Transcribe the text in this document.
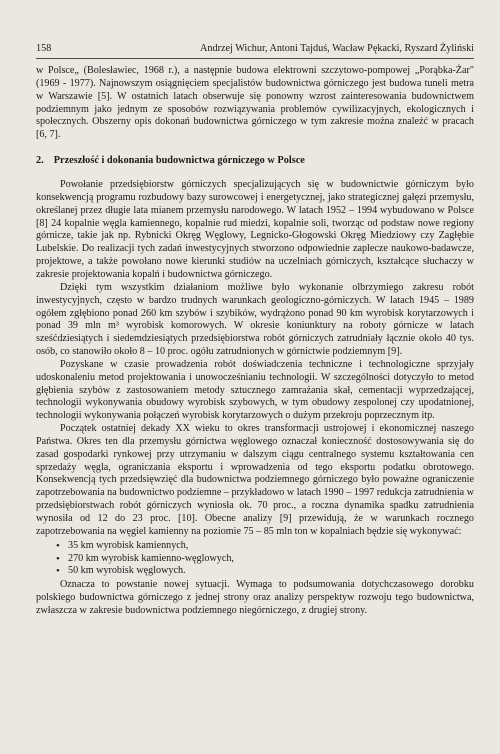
158	Andrzej Wichur, Antoni Tajduś, Wacław Pękacki, Ryszard Żyliński

w Polsce„ (Bolesławiec, 1968 r.), a następnie budowa elektrowni szczytowo-pompowej „Porąbka-Żar" (1969 - 1977). Najnowszym osiągnięciem specjalistów budownictwa górniczego jest budowa tuneli metra w Warszawie [5]. W ostatnich latach obserwuje się ponowny wzrost zainteresowania budownictwem podziemnym jako jednym ze sposobów rozwiązywania problemów cywilizacyjnych, ekologicznych i społecznych. Obszerny opis dokonań budownictwa górniczego w tym zakresie można znaleźć w pracach [6, 7].

2. Przeszłość i dokonania budownictwa górniczego w Polsce

Powołanie przedsiębiorstw górniczych specjalizujących się w budownictwie górniczym było konsekwencją programu rozbudowy bazy surowcowej i energetycznej, jako strategicznej gałęzi przemysłu, określanej przez długie lata mianem przemysłu narodowego. W latach 1952 – 1994 wybudowano w Polsce [8] 24 kopalnie węgla kamiennego, kopalnie rud miedzi, kopalnie soli, tworząc od podstaw nowe regiony górnicze, takie jak np. Rybnicki Okręg Węglowy, Legnicko-Głogowski Okręg Miedziowy czy Zagłębie Lubelskie. Do realizacji tych zadań inwestycyjnych stworzono odpowiednie zaplecze naukowo-badawcze, projektowe, a także powołano nowe kierunki studiów na uczelniach górniczych, kształcące słuchaczy w zakresie projektowania kopalń i budownictwa górniczego.

Dzięki tym wszystkim działaniom możliwe było wykonanie olbrzymiego zakresu robót inwestycyjnych, często w bardzo trudnych warunkach geologiczno-górniczych. W latach 1945 – 1989 ogółem zgłębiono ponad 260 km szybów i szybików, wydrążono ponad 90 km wyrobisk korytarzowych i ponad 39 mln m³ wyrobisk komorowych. W okresie koniunktury na roboty górnicze w latach sześćdziesiątych i siedemdziesiątych przedsiębiorstwa robót górniczych zatrudniały łącznie około 40 tys. osób, co stanowiło około 8 – 10 proc. ogółu zatrudnionych w górnictwie podziemnym [9].

Pozyskane w czasie prowadzenia robót doświadczenia techniczne i technologiczne sprzyjały udoskonaleniu metod projektowania i unowocześnianiu technologii. W szczególności dotyczyło to metod głębienia szybów z zastosowaniem metody sztucznego zamrażania skał, cementacji wyprzedzającej, technologii wykonywania obudowy wyrobisk szybowych, w tym obudowy zespolonej czy upodatnionej, technologii wykonywania połączeń wyrobisk korytarzowych o dużym przekroju poprzecznym itp.

Początek ostatniej dekady XX wieku to okres transformacji ustrojowej i ekonomicznej naszego Państwa. Okres ten dla przemysłu górnictwa węglowego oznaczał konieczność dostosowywania się do zasad gospodarki rynkowej przy utrzymaniu w dalszym ciągu centralnego systemu kształtowania cen sprzedaży węgla, ograniczania eksportu i wprowadzenia od tego eksportu podatku obrotowego. Konsekwencją tych przedsięwzięć dla budownictwa podziemnego górniczego było poważne ograniczenie zapotrzebowania na budownictwo podziemne – przykładowo w latach 1990 – 1997 redukcja zatrudnienia w przedsiębiorstwach robót górniczych wyniosła ok. 70 proc., a roczna dynamika spadku zatrudnienia wynosiła od 12 do 23 proc. [10]. Obecne analizy [9] przewidują, że w warunkach rocznego zapotrzebowania na węgiel kamienny na poziomie 75 – 85 mln ton w kopalniach będzie się wykonywać:

• 35 km wyrobisk kamiennych,
• 270 km wyrobisk kamienno-węglowych,
• 50 km wyrobisk węglowych.

Oznacza to powstanie nowej sytuacji. Wymaga to podsumowania dotychczasowego dorobku polskiego budownictwa górniczego z jednej strony oraz analizy perspektyw rozwoju tego budownictwa, zwłaszcza w zakresie budownictwa podziemnego niegórniczego, z drugiej strony.
